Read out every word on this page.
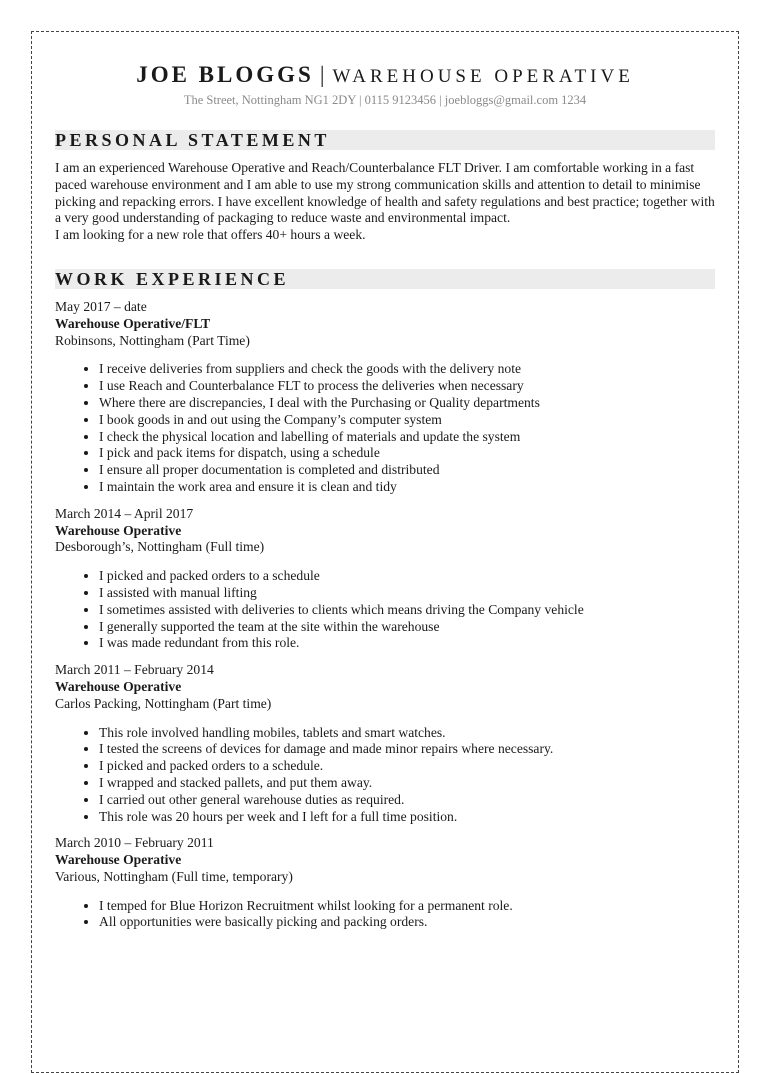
JOE BLOGGS | WAREHOUSE OPERATIVE
The Street, Nottingham NG1 2DY | 0115 9123456 | joebloggs@gmail.com 1234
PERSONAL STATEMENT

I am an experienced Warehouse Operative and Reach/Counterbalance FLT Driver. I am comfortable working in a fast paced warehouse environment and I am able to use my strong communication skills and attention to detail to minimise picking and repacking errors. I have excellent knowledge of health and safety regulations and best practice; together with a very good understanding of packaging to reduce waste and environmental impact.

I am looking for a new role that offers 40+ hours a week.

WORK EXPERIENCE
May 2017 – date
Warehouse Operative/FLT
Robinsons, Nottingham (Part Time)
• I receive deliveries from suppliers and check the goods with the delivery note
• I use Reach and Counterbalance FLT to process the deliveries when necessary
• Where there are discrepancies, I deal with the Purchasing or Quality departments
• I book goods in and out using the Company’s computer system
• I check the physical location and labelling of materials and update the system
• I pick and pack items for dispatch, using a schedule
• I ensure all proper documentation is completed and distributed
• I maintain the work area and ensure it is clean and tidy
March 2014 – April 2017
Warehouse Operative
Desborough’s, Nottingham (Full time)
• I picked and packed orders to a schedule
• I assisted with manual lifting
• I sometimes assisted with deliveries to clients which means driving the Company vehicle
• I generally supported the team at the site within the warehouse
• I was made redundant from this role.
March 2011 – February 2014
Warehouse Operative
Carlos Packing, Nottingham (Part time)
• This role involved handling mobiles, tablets and smart watches.
• I tested the screens of devices for damage and made minor repairs where necessary.
• I picked and packed orders to a schedule.
• I wrapped and stacked pallets, and put them away.
• I carried out other general warehouse duties as required.
• This role was 20 hours per week and I left for a full time position.
March 2010 – February 2011
Warehouse Operative
Various, Nottingham (Full time, temporary)
• I temped for Blue Horizon Recruitment whilst looking for a permanent role.
• All opportunities were basically picking and packing orders.
